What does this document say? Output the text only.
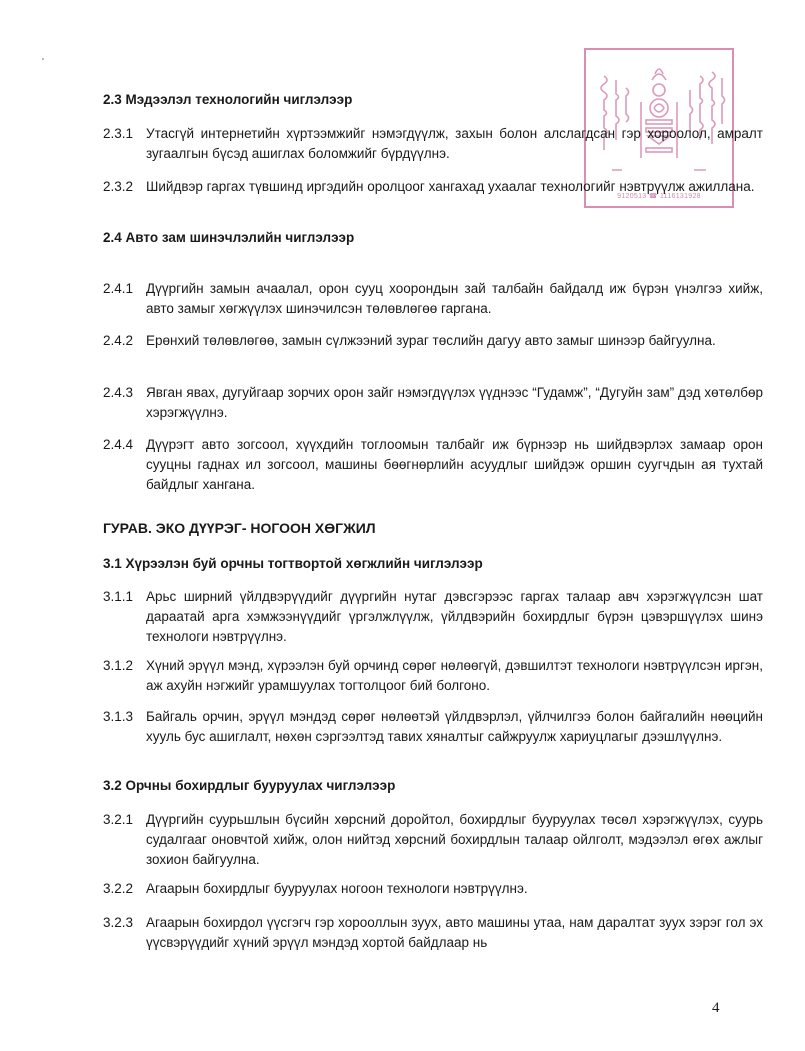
9120513 ☎ 1116131928
2.3 Мэдээлэл технологийн чиглэлээр
2.3.1 Утасгүй интернетийн хүртээмжийг нэмэгдүүлж, захын болон алслагдсан гэр хороолол, амралт зугаалгын бүсэд ашиглах боломжийг бүрдүүлнэ.
2.3.2 Шийдвэр гаргах түвшинд иргэдийн оролцоог хангахад ухаалаг технологийг нэвтрүүлж ажиллана.
2.4 Авто зам шинэчлэлийн чиглэлээр
2.4.1 Дүүргийн замын ачаалал, орон сууц хоорондын зай талбайн байдалд иж бүрэн үнэлгээ хийж, авто замыг хөгжүүлэх шинэчилсэн төлөвлөгөө гаргана.
2.4.2 Ерөнхий төлөвлөгөө, замын сүлжээний зураг төслийн дагуу авто замыг шинээр байгуулна.
2.4.3 Явган явах, дугуйгаар зорчих орон зайг нэмэгдүүлэх үүднээс “Гудамж”, “Дугуйн зам” дэд хөтөлбөр хэрэгжүүлнэ.
2.4.4 Дүүрэгт авто зогсоол, хүүхдийн тоглоомын талбайг иж бүрнээр нь шийдвэрлэх замаар орон сууцны гаднах ил зогсоол, машины бөөгнөрлийн асуудлыг шийдэж оршин суугчдын ая тухтай байдлыг хангана.
ГУРАВ. ЭКО ДҮҮРЭГ- НОГООН ХӨГЖИЛ
3.1 Хүрээлэн буй орчны тогтвортой хөгжлийн чиглэлээр
3.1.1 Арьс ширний үйлдвэрүүдийг дүүргийн нутаг дэвсгэрээс гаргах талаар авч хэрэгжүүлсэн шат дараатай арга хэмжээнүүдийг үргэлжлүүлж, үйлдвэрийн бохирдлыг бүрэн цэвэршүүлэх шинэ технологи нэвтрүүлнэ.
3.1.2 Хүний эрүүл мэнд, хүрээлэн буй орчинд сөрөг нөлөөгүй, дэвшилтэт технологи нэвтрүүлсэн иргэн, аж ахуйн нэгжийг урамшуулах тогтолцоог бий болгоно.
3.1.3 Байгаль орчин, эрүүл мэндэд сөрөг нөлөөтэй үйлдвэрлэл, үйлчилгээ болон байгалийн нөөцийн хууль бус ашиглалт, нөхөн сэргээлтэд тавих хяналтыг сайжруулж хариуцлагыг дээшлүүлнэ.
3.2 Орчны бохирдлыг бууруулах чиглэлээр
3.2.1 Дүүргийн суурьшлын бүсийн хөрсний доройтол, бохирдлыг бууруулах төсөл хэрэгжүүлэх, суурь судалгааг оновчтой хийж, олон нийтэд хөрсний бохирдлын талаар ойлголт, мэдээлэл өгөх ажлыг зохион байгуулна.
3.2.2 Агаарын бохирдлыг бууруулах ногоон технологи нэвтрүүлнэ.
3.2.3 Агаарын бохирдол үүсгэгч гэр хорооллын зуух, авто машины утаа, нам даралтат зуух зэрэг гол эх үүсвэрүүдийг хүний эрүүл мэндэд хортой байдлаар нь
4
